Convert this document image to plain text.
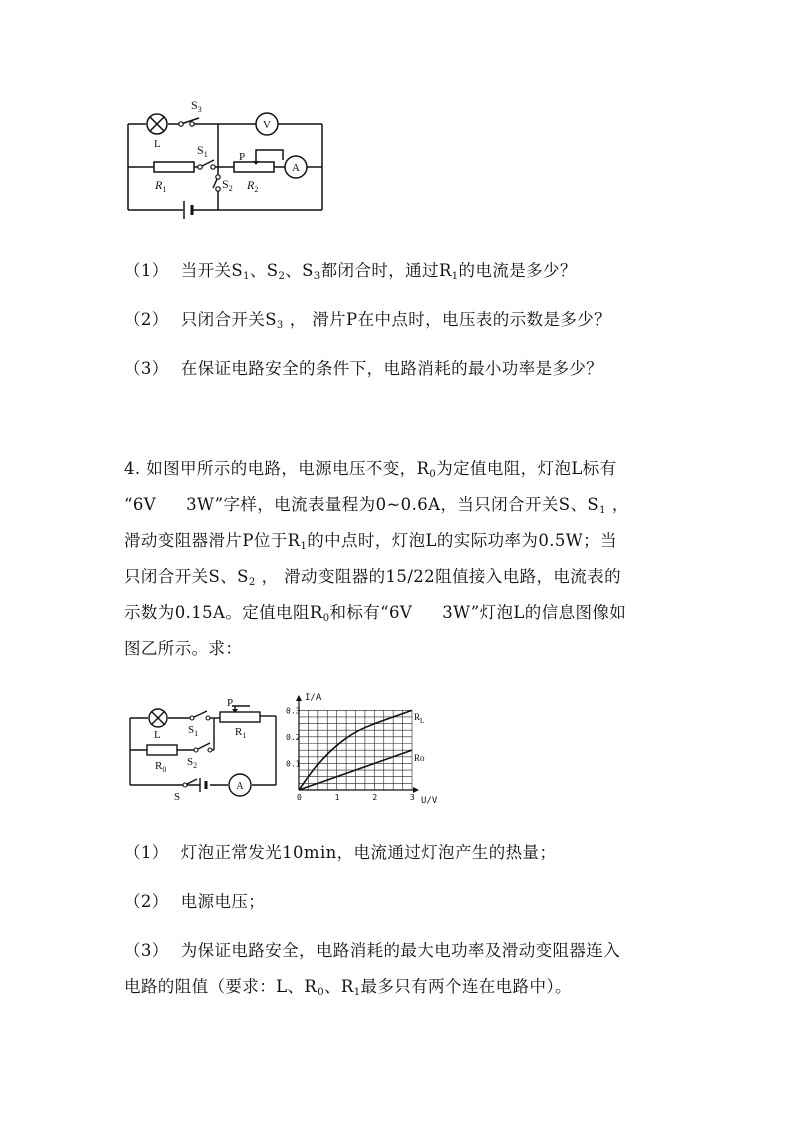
L
$S_3$
$S_1$	P
$S_2$
$R_1$	$R_2$
V
A
（1） 当开关$S_1$、$S_2$、$S_3$都闭合时，通过$R_1$的电流是多少？
（2） 只闭合开关$S_3$ ， 滑片P在中点时，电压表的示数是多少？
（3） 在保证电路安全的条件下，电路消耗的最小功率是多少？
4. 如图甲所示的电路，电源电压不变，$R_0$为定值电阻，灯泡L标有
“6V 3W”字样，电流表量程为0~0.6A，当只闭合开关S、$S_1$ ，
滑动变阻器滑片P位于$R_1$的中点时，灯泡L的实际功率为0.5W；当
只闭合开关S、$S_2$ ， 滑动变阻器的15/22阻值接入电路，电流表的
示数为0.15A。定值电阻$R_0$和标有“6V 3W”灯泡L的信息图像如
图乙所示。求：
P
$R_1$
L $S_1$
$R_0$
$S_2$
S
A
0.1
0.2
0.3
0	1	2	3
I/A
U/V
$R_L$
Ro
（1） 灯泡正常发光10min，电流通过灯泡产生的热量；
（2） 电源电压；
（3） 为保证电路安全，电路消耗的最大电功率及滑动变阻器连入
电路的阻值（要求：L、$R_0$、$R_1$最多只有两个连在电路中）。
